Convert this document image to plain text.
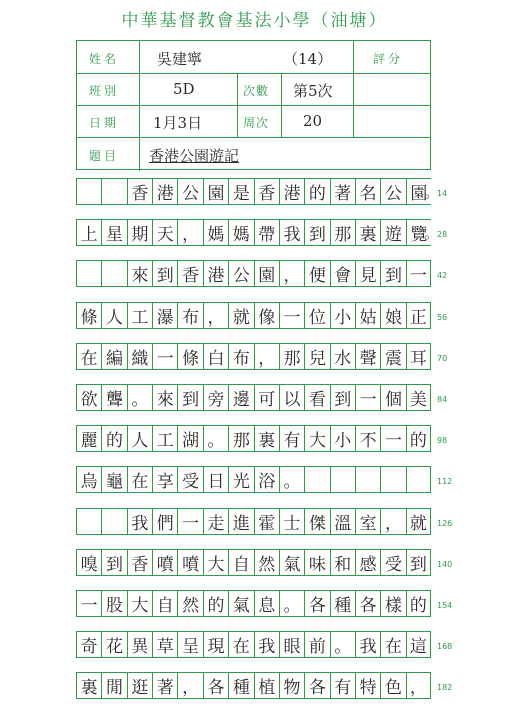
中華基督教會基法小學（油塘）
姓名	吳建寧	（14）	評分
班別	5D	次數 第5次
日期 1月3日	周次 20
題目 香港公園遊記
香 港 公 園 是 香 港 的 著 名 公 園
。
14
上 星 期 天 ， 媽 媽 帶 我 到 那 裏 遊 覽
。
28
來 到 香 港 公 園 ， 便 會 見 到 一	42
條 人 工 瀑 布 ， 就 像 一 位 小 姑 娘 正	56
在 編 織 一 條 白 布 ， 那 兒 水 聲 震 耳	70
欲 聾 。 來 到 旁 邊 可 以 看 到 一 個 美	84
麗 的 人 工 湖 。 那 裏 有 大 小 不 一 的	98
烏 龜 在 享 受 日 光 浴 。	112
我 們 一 走 進 霍 士 傑 溫 室 ， 就	126
嗅 到 香 噴 噴 大 自 然 氣 味 和 感 受 到	140
一 股 大 自 然 的 氣 息 。 各 種 各 樣 的	154
奇 花 異 草 呈 現 在 我 眼 前 。 我 在 這	168
裏 閒 逛 著 ， 各 種 植 物 各 有 特 色 ，	182
